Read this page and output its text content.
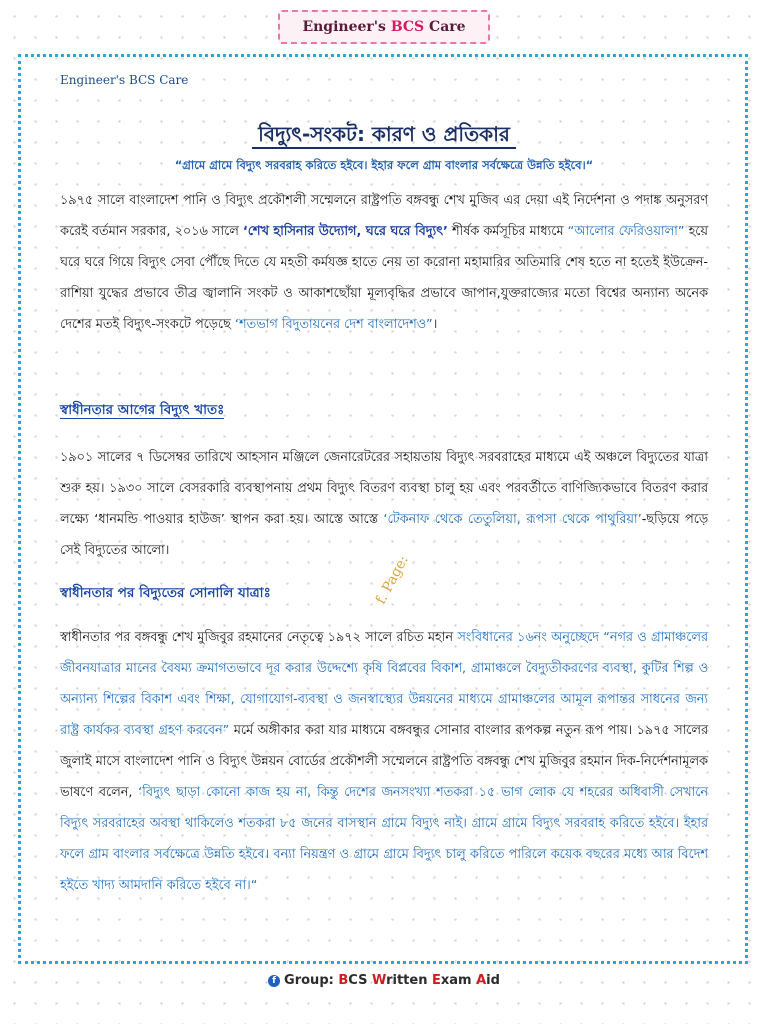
Engineer's BCS Care
Engineer's BCS Care
বিদ্যুৎ-সংকট: কারণ ও প্রতিকার
“গ্রামে গ্রামে বিদ্যুৎ সরবরাহ করিতে হইবে। ইহার ফলে গ্রাম বাংলার সর্বক্ষেত্রে উন্নতি হইবে।“

১৯৭৫ সালে বাংলাদেশ পানি ও বিদ্যুৎ প্রকৌশলী সম্মেলনে রাষ্ট্রপতি বঙ্গবন্ধু শেখ মুজিব এর দেয়া এই নির্দেশনা ও পদাঙ্ক অনুসরণ করেই বর্তমান সরকার, ২০১৬ সালে ‘শেখ হাসিনার উদ্যোগ, ঘরে ঘরে বিদ্যুৎ’ শীর্ষক কর্মসূচির মাধ্যমে “আলোর ফেরিওয়ালা” হয়ে ঘরে ঘরে গিয়ে বিদ্যুৎ সেবা পৌঁছে দিতে যে মহতী কর্মযজ্ঞ হাতে নেয় তা করোনা মহামারির অতিমারি শেষ হতে না হতেই ইউক্রেন-রাশিয়া যুদ্ধের প্রভাবে তীব্র জ্বালানি সংকট ও আকাশছোঁয়া মূল্যবৃদ্ধির প্রভাবে জাপান,যুক্তরাজ্যের মতো বিশ্বের অন্যান্য অনেক দেশের মতই বিদ্যুৎ-সংকটে পড়েছে ‘শতভাগ বিদুতায়নের দেশ বাংলাদেশও”।

স্বাধীনতার আগের বিদ্যুৎ খাতঃ

১৯০১ সালের ৭ ডিসেম্বর তারিখে আহসান মঞ্জিলে জেনারেটরের সহায়তায় বিদ্যুৎ সরবরাহের মাধ্যমে এই অঞ্চলে বিদ্যুতের যাত্রা শুরু হয়। ১৯৩০ সালে বেসরকারি ব্যবস্থাপনায় প্রথম বিদ্যুৎ বিতরণ ব্যবস্থা চালু হয় এবং পরবর্তীতে বাণিজ্যিকভাবে বিতরণ করার লক্ষ্যে ‘ধানমন্ডি পাওয়ার হাউজ’ স্থাপন করা হয়। আস্তে আস্তে ‘টেকনাফ থেকে তেতুলিয়া, রূপসা থেকে পাথুরিয়া’-ছড়িয়ে পড়ে সেই বিদ্যুতের আলো।

স্বাধীনতার পর বিদ্যুতের সোনালি যাত্রাঃ	f. Page:

স্বাধীনতার পর বঙ্গবন্ধু শেখ মুজিবুর রহমানের নেতৃত্বে ১৯৭২ সালে রচিত মহান সংবিধানের ১৬নং অনুচ্ছেদে “নগর ও গ্রামাঞ্চলের জীবনযাত্রার মানের বৈষম্য ক্রমাগতভাবে দূর করার উদ্দেশ্যে কৃষি বিপ্লবের বিকাশ, গ্রামাঞ্চলে বৈদ্যুতীকরণের ব্যবস্থা, কুটির শিল্প ও অন্যান্য শিল্পের বিকাশ এবং শিক্ষা, যোগাযোগ-ব্যবস্থা ও জনস্বাস্থ্যের উন্নয়নের মাধ্যমে গ্রামাঞ্চলের আমূল রূপান্তর সাধনের জন্য রাষ্ট্র কার্যকর ব্যবস্থা গ্রহণ করবেন” মর্মে অঙ্গীকার করা যার মাধ্যমে বঙ্গবন্ধুর সোনার বাংলার রূপকল্প নতুন রূপ পায়। ১৯৭৫ সালের জুলাই মাসে বাংলাদেশ পানি ও বিদ্যুৎ উন্নয়ন বোর্ডের প্রকৌশলী সম্মেলনে রাষ্ট্রপতি বঙ্গবন্ধু শেখ মুজিবুর রহমান দিক-নির্দেশনামূলক ভাষণে বলেন, ‘বিদ্যুৎ ছাড়া কোনো কাজ হয় না, কিন্তু দেশের জনসংখ্যা শতকরা ১৫ ভাগ লোক যে শহরের অধিবাসী সেখানে বিদ্যুৎ সরবরাহের অবস্থা থাকিলেও শতকরা ৮৫ জনের বাসস্থান গ্রামে বিদ্যুৎ নাই। গ্রামে গ্রামে বিদ্যুৎ সরবরাহ করিতে হইবে। ইহার ফলে গ্রাম বাংলার সর্বক্ষেত্রে উন্নতি হইবে। বন্যা নিয়ন্ত্রণ ও গ্রামে গ্রামে বিদ্যুৎ চালু করিতে পারিলে কয়েক বছরের মধ্যে আর বিদেশ হইতে খাদ্য আমদানি করিতে হইবে না।“

f Group: BCS Written Exam Aid
